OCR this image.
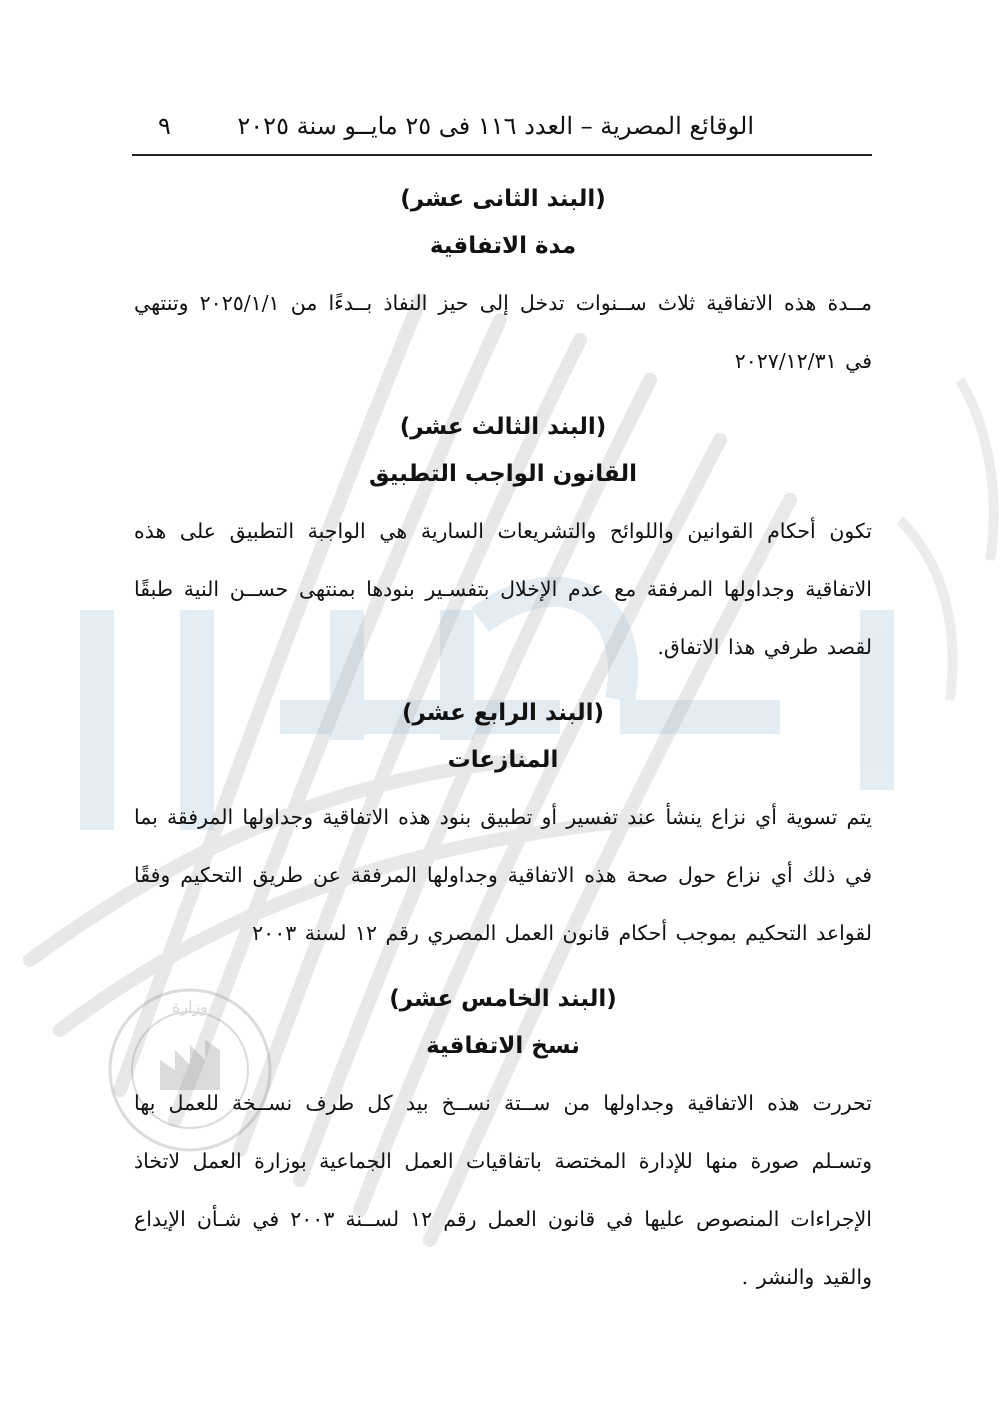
وزارة
الوقائع المصرية – العدد ١١٦ فى ٢٥ مايــو سنة ٢٠٢٥
٩
(البند الثانى عشر)
مدة الاتفاقية

مــدة هذه الاتفاقية ثلاث ســنوات تدخل إلى حيز النفاذ بــدءًا من ٢٠٢٥/١/١ وتنتهي في ٢٠٢٧/١٢/٣١

(البند الثالث عشر)
القانون الواجب التطبيق

تكون أحكام القوانين واللوائح والتشريعات السارية هي الواجبة التطبيق على هذه الاتفاقية وجداولها المرفقة مع عدم الإخلال بتفسـير بنودها بمنتهى حســن النية طبقًا لقصد طرفي هذا الاتفاق.

(البند الرابع عشر)
المنازعات

يتم تسوية أي نزاع ينشأ عند تفسير أو تطبيق بنود هذه الاتفاقية وجداولها المرفقة بما في ذلك أي نزاع حول صحة هذه الاتفاقية وجداولها المرفقة عن طريق التحكيم وفقًا لقواعد التحكيم بموجب أحكام قانون العمل المصري رقم ١٢ لسنة ٢٠٠٣

(البند الخامس عشر)
نسخ الاتفاقية

تحررت هذه الاتفاقية وجداولها من ســتة نســخ بيد كل طرف نســخة للعمل بها وتسـلم صورة منها للإدارة المختصة باتفاقيات العمل الجماعية بوزارة العمل لاتخاذ الإجراءات المنصوص عليها في قانون العمل رقم ١٢ لســنة ٢٠٠٣ في شـأن الإيداع والقيد والنشر .
